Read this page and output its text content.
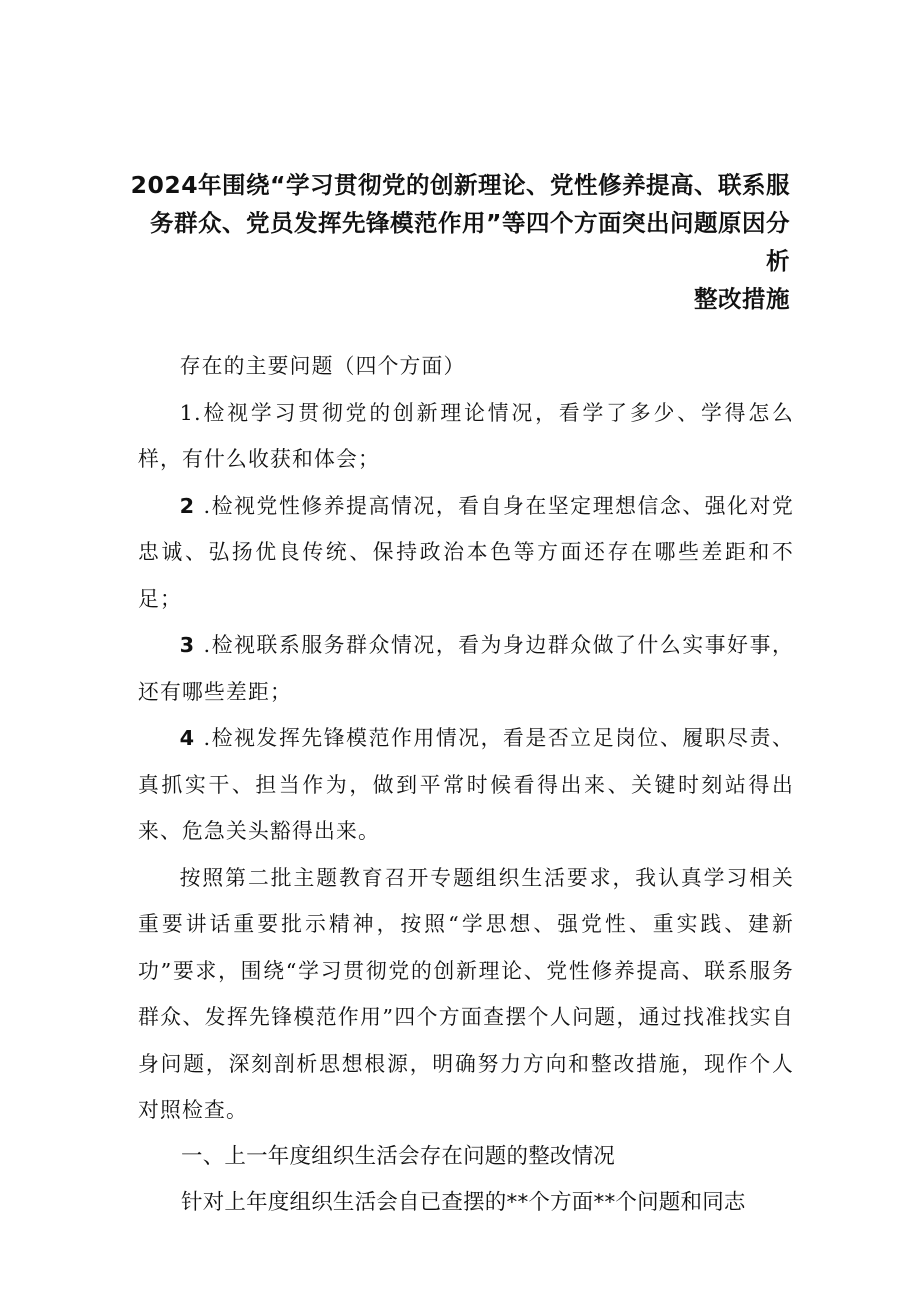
2024年围绕“学习贯彻党的创新理论、党性修养提高、联系服
务群众、党员发挥先锋模范作用”等四个方面突出问题原因分析
整改措施

存在的主要问题（四个方面）

1.检视学习贯彻党的创新理论情况，看学了多少、学得怎么样，有什么收获和体会；

2 .检视党性修养提高情况，看自身在坚定理想信念、强化对党忠诚、弘扬优良传统、保持政治本色等方面还存在哪些差距和不足；

3 .检视联系服务群众情况，看为身边群众做了什么实事好事，还有哪些差距；

4 .检视发挥先锋模范作用情况，看是否立足岗位、履职尽责、真抓实干、担当作为，做到平常时候看得出来、关键时刻站得出来、危急关头豁得出来。

按照第二批主题教育召开专题组织生活要求，我认真学习相关重要讲话重要批示精神，按照“学思想、强党性、重实践、建新功”要求，围绕“学习贯彻党的创新理论、党性修养提高、联系服务群众、发挥先锋模范作用”四个方面查摆个人问题，通过找准找实自身问题，深刻剖析思想根源，明确努力方向和整改措施，现作个人对照检查。

一、上一年度组织生活会存在问题的整改情况

针对上年度组织生活会自已查摆的**个方面**个问题和同志
